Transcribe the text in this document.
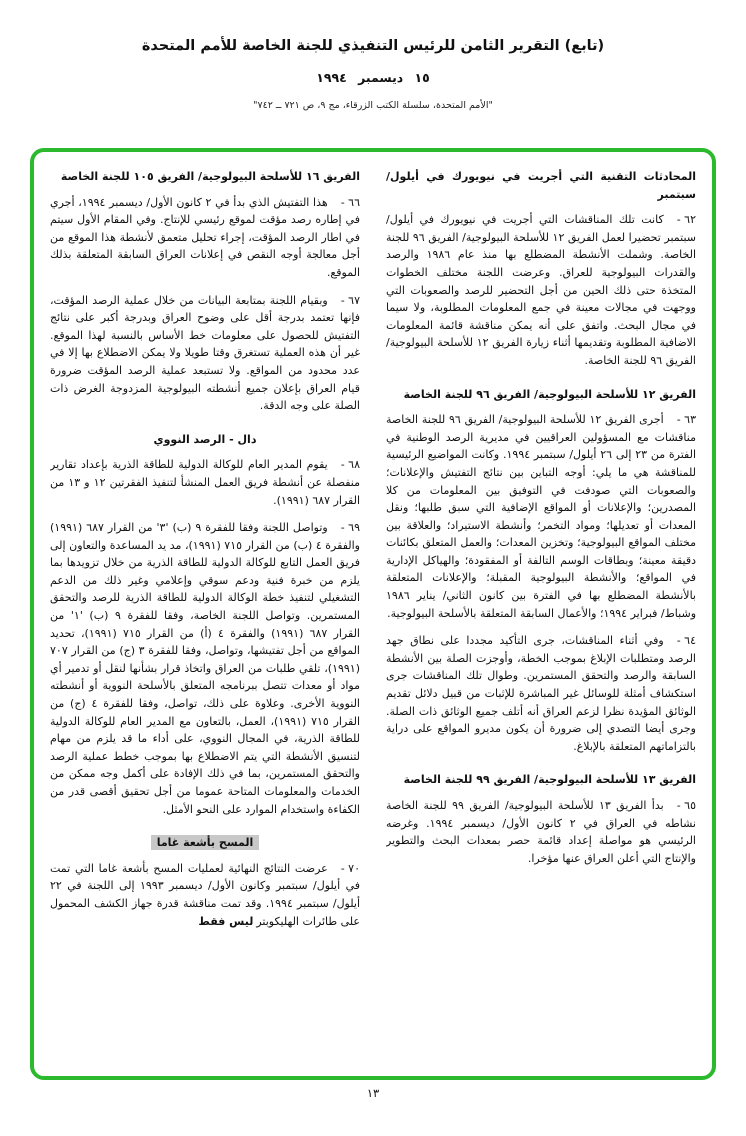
(تابع) التقرير الثامن للرئيس التنفيذي للجنة الخاصة للأمم المتحدة
١٥ ديسمبر ١٩٩٤
"الأمم المتحدة، سلسلة الكتب الزرقاء، مج ٩، ص ٧٢١ ــ ٧٤٢"
المحادثات التقنية التي أجريت في نيويورك في أيلول/ سبتمبر

٦٢ -كانت تلك المناقشات التي أجريت في نيويورك في أيلول/ سبتمبر تحضيرا لعمل الفريق ١٢ للأسلحة البيولوجية/ الفريق ٩٦ للجنة الخاصة. وشملت الأنشطة المضطلع بها منذ عام ١٩٨٦ والرصد والقدرات البيولوجية للعراق. وعرضت اللجنة مختلف الخطوات المتخذة حتى ذلك الحين من أجل التحضير للرصد والصعوبات التي ووجهت في مجالات معينة في جمع المعلومات المطلوبة، ولا سيما في مجال البحث. واتفق على أنه يمكن مناقشة قائمة المعلومات الاضافية المطلوبة وتقديمها أثناء زيارة الفريق ١٢ للأسلحة البيولوجية/ الفريق ٩٦ للجنة الخاصة.

الفريق ١٢ للأسلحة البيولوجية/ الفريق ٩٦ للجنة الخاصة

٦٣ -أجرى الفريق ١٢ للأسلحة البيولوجية/ الفريق ٩٦ للجنة الخاصة مناقشات مع المسؤولين العراقيين في مديرية الرصد الوطنية في الفترة من ٢٣ إلى ٢٦ أيلول/ سبتمبر ١٩٩٤. وكانت المواضيع الرئيسية للمناقشة هي ما يلي: أوجه التباين بين نتائج التفتيش والإعلانات؛ والصعوبات التي صودفت في التوفيق بين المعلومات من كلا المصدرين؛ والإعلانات أو المواقع الإضافية التي سبق طلبها؛ ونقل المعدات أو تعديلها؛ ومواد التخمر؛ وأنشطة الاستيراد؛ والعلاقة بين مختلف المواقع البيولوجية؛ وتخزين المعدات؛ والعمل المتعلق بكائنات دقيقة معينة؛ وبطاقات الوسم التالفة أو المفقودة؛ والهياكل الإدارية في المواقع؛ والأنشطة البيولوجية المقبلة؛ والإعلانات المتعلقة بالأنشطة المضطلع بها في الفترة بين كانون الثاني/ يناير ١٩٨٦ وشباط/ فبراير ١٩٩٤؛ والأعمال السابقة المتعلقة بالأسلحة البيولوجية.

٦٤ -وفي أثناء المناقشات، جرى التأكيد مجددا على نطاق جهد الرصد ومتطلبات الإبلاغ بموجب الخطة، وأوجزت الصلة بين الأنشطة السابقة والرصد والتحقق المستمرين. وطوال تلك المناقشات جرى استكشاف أمثلة للوسائل غير المباشرة للإثبات من قبيل دلائل تقديم الوثائق المؤيدة نظرا لزعم العراق أنه أتلف جميع الوثائق ذات الصلة. وجرى أيضا التصدي إلى ضرورة أن يكون مديرو المواقع على دراية بالتزاماتهم المتعلقة بالإبلاغ.

الفريق ١٣ للأسلحة البيولوجية/ الفريق ٩٩ للجنة الخاصة

٦٥ -بدأ الفريق ١٣ للأسلحة البيولوجية/ الفريق ٩٩ للجنة الخاصة نشاطه في العراق في ٢ كانون الأول/ ديسمبر ١٩٩٤. وغرضه الرئيسي هو مواصلة إعداد قائمة حصر بمعدات البحث والتطوير والإنتاج التي أعلن العراق عنها مؤخرا.

الفريق ١٦ للأسلحة البيولوجية/ الفريق ١٠٥ للجنة الخاصة

٦٦ -هذا التفتيش الذي بدأ في ٢ كانون الأول/ ديسمبر ١٩٩٤، أجري في إطاره رصد مؤقت لموقع رئيسي للإنتاج. وفي المقام الأول سيتم في اطار الرصد المؤقت، إجراء تحليل متعمق لأنشطة هذا الموقع من أجل معالجة أوجه النقص في إعلانات العراق السابقة المتعلقة بذلك الموقع.

٦٧ -وبقيام اللجنة بمتابعة البيانات من خلال عملية الرصد المؤقت، فإنها تعتمد بدرجة أقل على وضوح العراق وبدرجة أكبر على نتائج التفتيش للحصول على معلومات خط الأساس بالنسبة لهذا الموقع. غير أن هذه العملية تستغرق وقتا طويلا ولا يمكن الاضطلاع بها إلا في عدد محدود من المواقع. ولا تستبعد عملية الرصد المؤقت ضرورة قيام العراق بإعلان جميع أنشطته البيولوجية المزدوجة الغرض ذات الصلة على وجه الدقة.

دال - الرصد النووي

٦٨ -يقوم المدير العام للوكالة الدولية للطاقة الذرية بإعداد تقارير منفصلة عن أنشطة فريق العمل المنشأ لتنفيذ الفقرتين ١٢ و ١٣ من القرار ٦٨٧ (١٩٩١).

٦٩ -وتواصل اللجنة وفقا للفقرة ٩ (ب) '٣' من القرار ٦٨٧ (١٩٩١) والفقرة ٤ (ب) من القرار ٧١٥ (١٩٩١)، مد يد المساعدة والتعاون إلى فريق العمل التابع للوكالة الدولية للطاقة الذرية من خلال تزويدها بما يلزم من خبرة فنية ودعم سوقي وإعلامي وغير ذلك من الدعم التشغيلي لتنفيذ خطة الوكالة الدولية للطاقة الذرية للرصد والتحقق المستمرين. وتواصل اللجنة الخاصة، وفقا للفقرة ٩ (ب) '١' من القرار ٦٨٧ (١٩٩١) والفقرة ٤ (أ) من القرار ٧١٥ (١٩٩١)، تحديد المواقع من أجل تفتيشها، وتواصل، وفقا للفقرة ٣ (ج) من القرار ٧٠٧ (١٩٩١)، تلقي طلبات من العراق واتخاذ قرار بشأنها لنقل أو تدمير أي مواد أو معدات تتصل ببرنامجه المتعلق بالأسلحة النووية أو أنشطته النووية الأخرى. وعلاوة على ذلك، تواصل، وفقا للفقرة ٤ (ج) من القرار ٧١٥ (١٩٩١)، العمل، بالتعاون مع المدير العام للوكالة الدولية للطاقة الذرية، في المجال النووي، على أداء ما قد يلزم من مهام لتنسيق الأنشطة التي يتم الاضطلاع بها بموجب خطط عملية الرصد والتحقق المستمرين، بما في ذلك الإفادة على أكمل وجه ممكن من الخدمات والمعلومات المتاحة عموما من أجل تحقيق أقصى قدر من الكفاءة واستخدام الموارد على النحو الأمثل.

المسح بأشعة غاما

٧٠ -عرضت النتائج النهائية لعمليات المسح بأشعة غاما التي تمت في أيلول/ سبتمبر وكانون الأول/ ديسمبر ١٩٩٣ إلى اللجنة في ٢٢ أيلول/ سبتمبر ١٩٩٤. وقد تمت مناقشة قدرة جهاز الكشف المحمول على طائرات الهليكوبترليس فقط

١٣
